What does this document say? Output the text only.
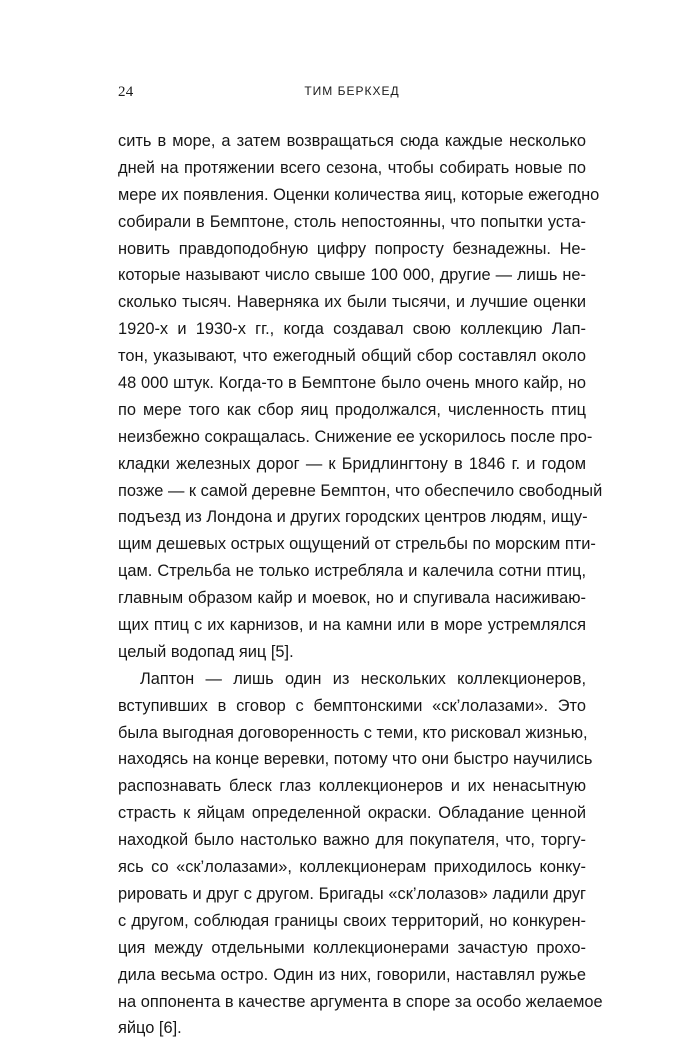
24	ТИМ БЕРКХЕД
сить в море, а затем возвращаться сюда каждые несколько
дней на протяжении всего сезона, чтобы собирать новые по
мере их появления. Оценки количества яиц, которые ежегодно
собирали в Бемптоне, столь непостоянны, что попытки уста-
новить правдоподобную цифру попросту безнадежны. Не-
которые называют число свыше 100 000, другие — лишь не-
сколько тысяч. Наверняка их были тысячи, и лучшие оценки
1920-х и 1930-х гг., когда создавал свою коллекцию Лап-
тон, указывают, что ежегодный общий сбор составлял около
48 000 штук. Когда-то в Бемптоне было очень много кайр, но
по мере того как сбор яиц продолжался, численность птиц
неизбежно сокращалась. Снижение ее ускорилось после про-
кладки железных дорог — к Бридлингтону в 1846 г. и годом
позже — к самой деревне Бемптон, что обеспечило свободный
подъезд из Лондона и других городских центров людям, ищу-
щим дешевых острых ощущений от стрельбы по морским пти-
цам. Стрельба не только истребляла и калечила сотни птиц,
главным образом кайр и моевок, но и спугивала насиживаю-
щих птиц с их карнизов, и на камни или в море устремлялся
целый водопад яиц [5].
Лаптон — лишь один из нескольких коллекционеров,
вступивших в сговор с бемптонскими «ск’лолазами». Это
была выгодная договоренность с теми, кто рисковал жизнью,
находясь на конце веревки, потому что они быстро научились
распознавать блеск глаз коллекционеров и их ненасытную
страсть к яйцам определенной окраски. Обладание ценной
находкой было настолько важно для покупателя, что, торгу-
ясь со «ск’лолазами», коллекционерам приходилось конку-
рировать и друг с другом. Бригады «ск’лолазов» ладили друг
с другом, соблюдая границы своих территорий, но конкурен-
ция между отдельными коллекционерами зачастую прохо-
дила весьма остро. Один из них, говорили, наставлял ружье
на оппонента в качестве аргумента в споре за особо желаемое
яйцо [6].
